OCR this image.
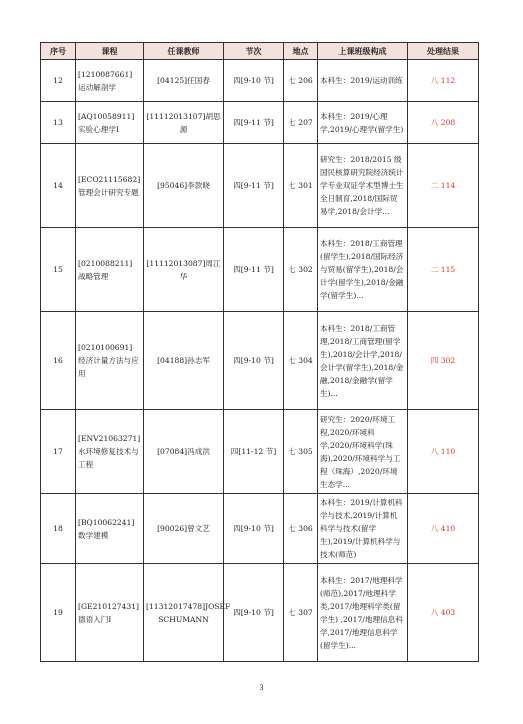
序号	课程	任课教师	节次	地点	上课班级构成	处理结果
12	[1210087661] 运动解剖学	[04125]任国春	四[9-10 节]	七 206	本科生：2019/运动训练	八 112
13	[AQ10058911] 实验心理学Ⅰ	[11112013107]胡思源	四[9-11 节]	七 207	本科生：2019/心理学,2019/心理学(留学生)	八 208
14	[ECO21115682] 管理会计研究专题	[95046]李款晓	四[9-11 节]	七 301	研究生：2018/2015 级国民核算研究院经济统计学专业双证学术型博士生全日制育,2018/国际贸易学,2018/会计学...	二 114
15	[0210088211] 战略管理	[11112013087]周江华	四[9-11 节]	七 302	本科生：2018/工商管理(留学生),2018/国际经济与贸易(留学生),2018/会计学(留学生),2018/金融学(留学生)...	二 115
16	[0210100691] 经济计量方法与应用	[04188]孙志军	四[9-10 节]	七 304	本科生：2018/工商管理,2018/工商管理(留学生),2018/会计学,2018/会计学(留学生),2018/金融,2018/金融学(留学生)...	四 302
17	[ENV21063271] 水环境修复技术与工程	[07084]冯成洪	四[11-12 节]	七 305	研究生：2020/环境工程,2020/环境科学,2020/环境科学(珠海),2020/环境科学与工程（珠海）,2020/环境生态学...	八 110
18	[BQ10062241] 数学建模	[90026]曾文艺	四[9-10 节]	七 306	本科生：2019/计算机科学与技术,2019/计算机科学与技术(留学生),2019/计算机科学与技术(师范)	八 410
19	[GE210127431] 德语入门Ⅰ	[11312017478]JOSEF SCHUMANN	四[9-10 节]	七 307	本科生：2017/地理科学(师范),2017/地理科学类,2017/地理科学类(留学生) ,2017/地理信息科学,2017/地理信息科学(留学生)...	八 403
3
